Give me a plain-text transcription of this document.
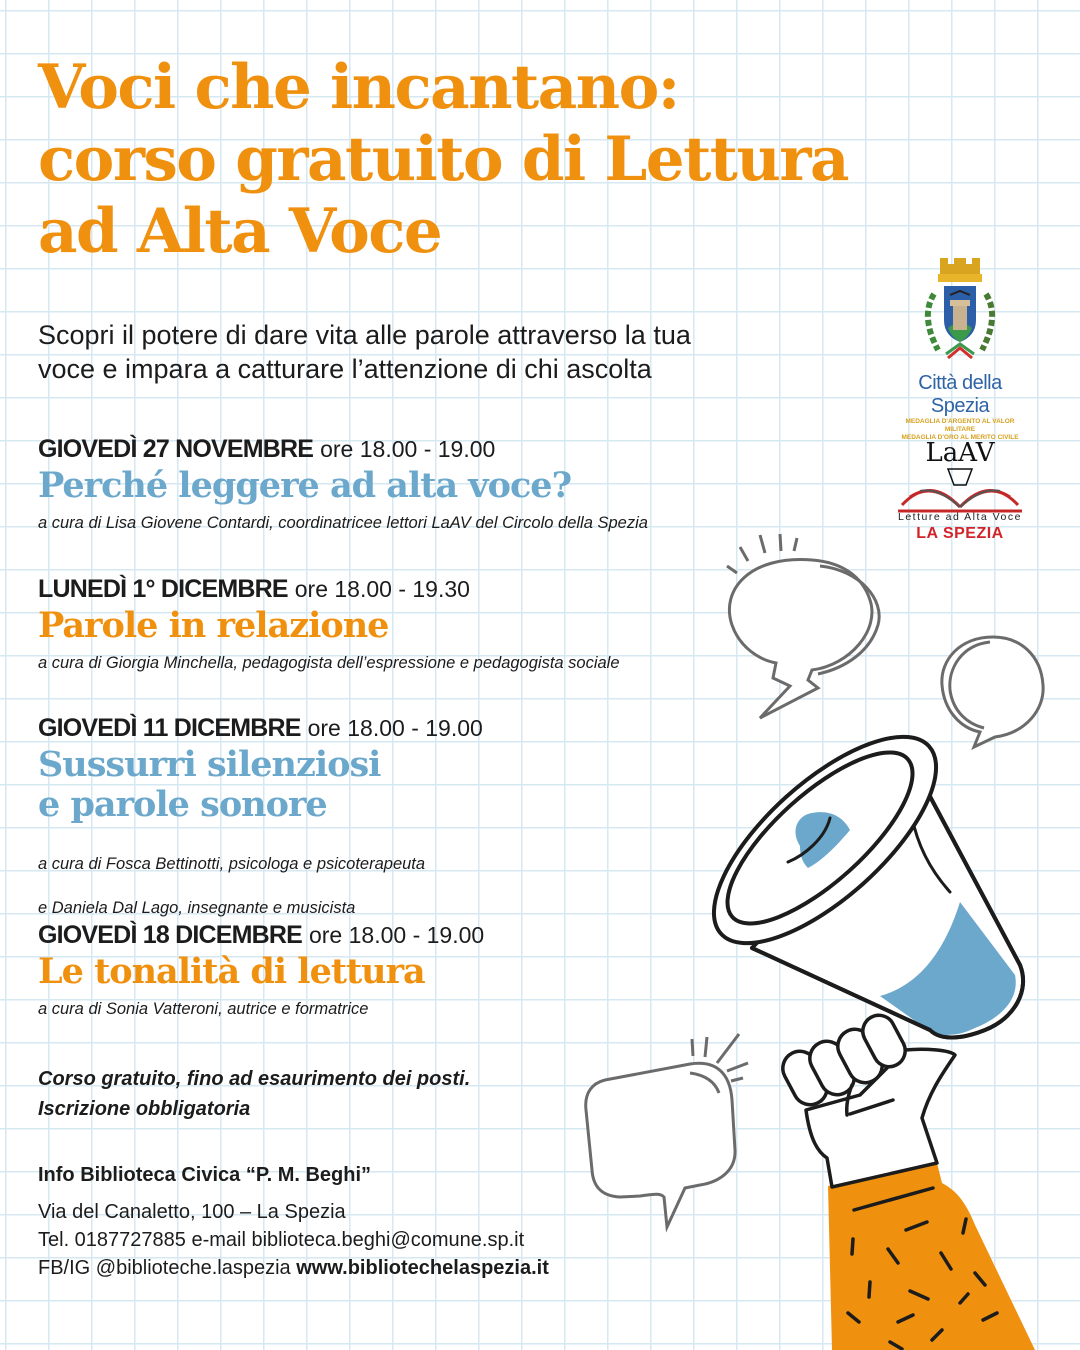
Voci che incantano:
corso gratuito di Lettura
ad Alta Voce
Scopri il potere di dare vita alle parole attraverso la tua
voce e impara a catturare l’attenzione di chi ascolta	Città della Spezia
MEDAGLIA D'ARGENTO AL VALOR MILITARE
MEDAGLIA D'ORO AL MERITO CIVILE
LaAV
Letture ad Alta Voce
LA SPEZIA
GIOVEDÌ 27 NOVEMBRE ore 18.00 - 19.00
Perché leggere ad alta voce?
a cura di Lisa Giovene Contardi, coordinatricee lettori LaAV del Circolo della Spezia
LUNEDÌ 1° DICEMBRE ore 18.00 - 19.30
Parole in relazione
a cura di Giorgia Minchella, pedagogista dell’espressione e pedagogista sociale
GIOVEDÌ 11 DICEMBRE ore 18.00 - 19.00
Sussurri silenziosi
e parole sonore

a cura di Fosca Bettinotti, psicologa e psicoterapeuta

e Daniela Dal Lago, insegnante e musicista

GIOVEDÌ 18 DICEMBRE ore 18.00 - 19.00
Le tonalità di lettura
a cura di Sonia Vatteroni, autrice e formatrice
Corso gratuito, fino ad esaurimento dei posti.
Iscrizione obbligatoria
Info Biblioteca Civica “P. M. Beghi”
Via del Canaletto, 100 – La Spezia
Tel. 0187727885 e-mail biblioteca.beghi@comune.sp.it
FB/IG @biblioteche.laspezia www.bibliotechelaspezia.it
